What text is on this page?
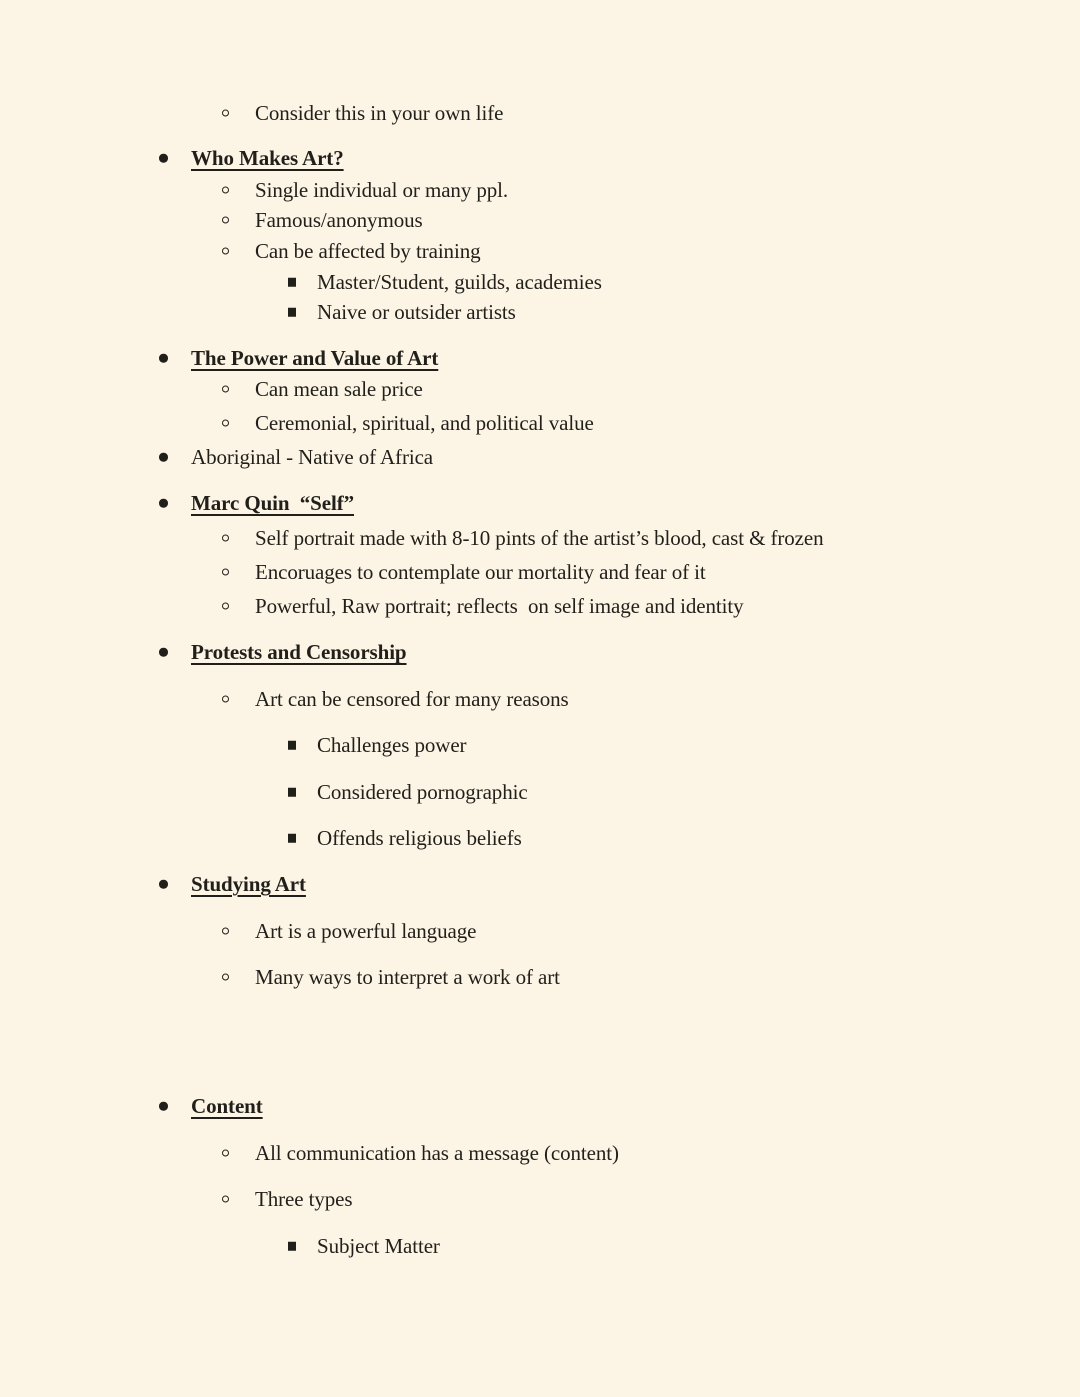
Consider this in your own life
Who Makes Art?
Single individual or many ppl.
Famous/anonymous
Can be affected by training
Master/Student, guilds, academies
Naive or outsider artists
The Power and Value of Art
Can mean sale price
Ceremonial, spiritual, and political value
Aboriginal - Native of Africa
Marc Quin  “Self”
Self portrait made with 8-10 pints of the artist’s blood, cast & frozen
Encoruages to contemplate our mortality and fear of it
Powerful, Raw portrait; reflects  on self image and identity
Protests and Censorship
Art can be censored for many reasons
Challenges power
Considered pornographic
Offends religious beliefs
Studying Art
Art is a powerful language
Many ways to interpret a work of art
Content
All communication has a message (content)
Three types
Subject Matter
